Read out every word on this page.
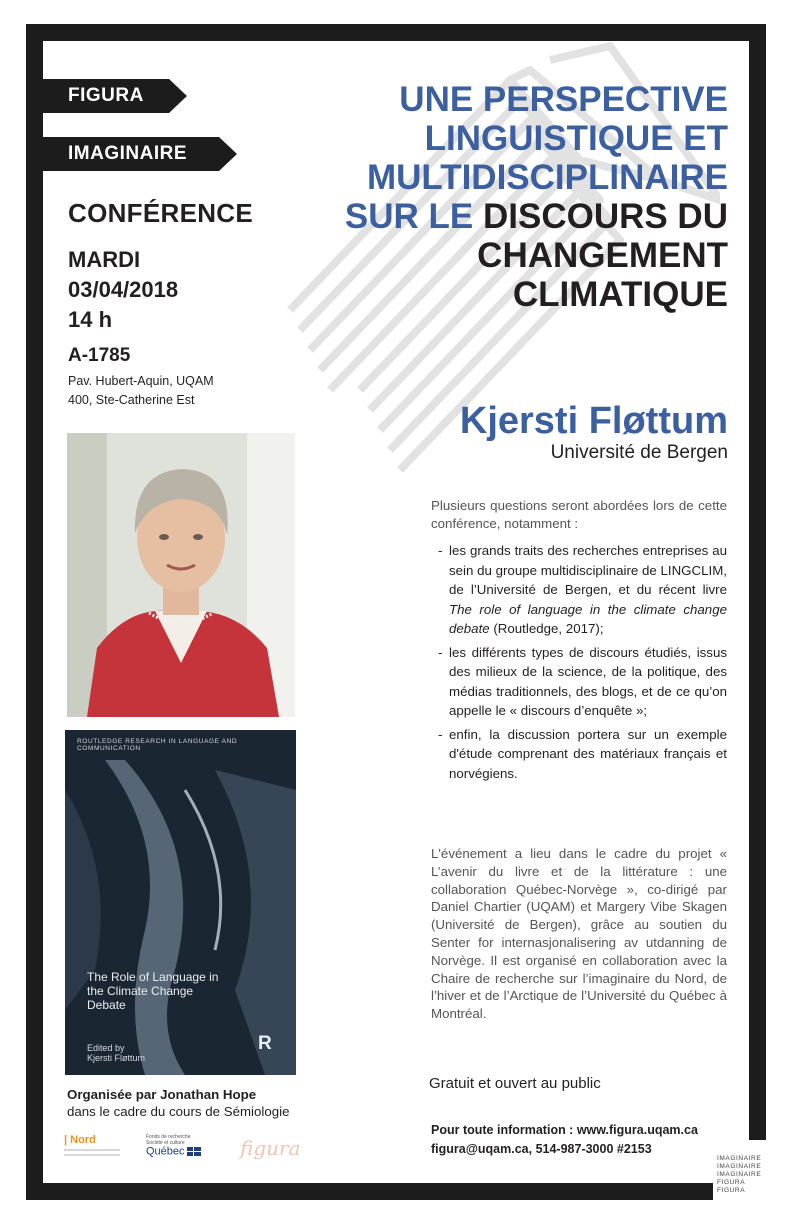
FIGURA
IMAGINAIRE
CONFÉRENCE
MARDI
03/04/2018
14 h
A-1785
Pav. Hubert-Aquin, UQAM
400, Ste-Catherine Est
UNE PERSPECTIVE
LINGUISTIQUE ET
MULTIDISCIPLINAIRE
SUR LE DISCOURS DU
CHANGEMENT
CLIMATIQUE
Kjersti Fløttum
Université de Bergen
ROUTLEDGE RESEARCH IN LANGUAGE AND COMMUNICATION
The Role of Language in
the Climate Change
Debate
Edited by
Kjersti Fløttum
R
Plusieurs questions seront abordées lors de cette conférence, notamment :
- les grands traits des recherches entreprises au sein du groupe multidisciplinaire de LINGCLIM, de l’Université de Bergen, et du récent livre The role of language in the climate change debate (Routledge, 2017);
- les différents types de discours étudiés, issus des milieux de la science, de la politique, des médias traditionnels, des blogs, et de ce qu’on appelle le « discours d’enquête »;
- enfin, la discussion portera sur un exemple d'étude comprenant des matériaux français et norvégiens.
L'événement a lieu dans le cadre du projet « L’avenir du livre et de la littérature : une collaboration Québec-Norvège », co-dirigé par Daniel Chartier (UQAM) et Margery Vibe Skagen (Université de Bergen), grâce au soutien du Senter for internasjonalisering av utdanning de Norvège. Il est organisé en collaboration avec la Chaire de recherche sur l’imaginaire du Nord, de l’hiver et de l’Arctique de l’Université du Québec à Montréal.
Gratuit et ouvert au public
Pour toute information : www.figura.uqam.ca
figura@uqam.ca, 514-987-3000 #2153
Organisée par Jonathan Hope
dans le cadre du cours de Sémiologie
| Nord	Fonds de recherche
Société et culture
Québec	figura	IMAGINAIRE
IMAGINAIRE
IMAGINAIRE
FIGURA
FIGURA
